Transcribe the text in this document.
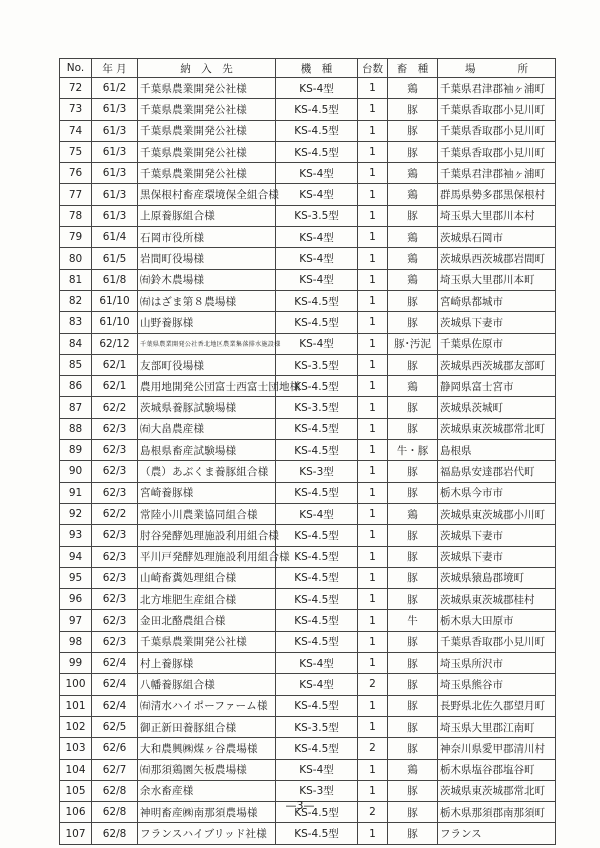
No.	年 月	納　入　先	機　種	台数	畜　種	場　　　　所
72	61/2	千葉県農業開発公社様	KS-4型	1	鶏	千葉県君津郡袖ヶ浦町
73	61/3	千葉県農業開発公社様	KS-4.5型	1	豚	千葉県香取郡小見川町
74	61/3	千葉県農業開発公社様	KS-4.5型	1	豚	千葉県香取郡小見川町
75	61/3	千葉県農業開発公社様	KS-4.5型	1	豚	千葉県香取郡小見川町
76	61/3	千葉県農業開発公社様	KS-4型	1	鶏	千葉県君津郡袖ヶ浦町
77	61/3	黒保根村畜産環境保全組合様	KS-4型	1	鶏	群馬県勢多郡黒保根村
78	61/3	上原養豚組合様	KS-3.5型	1	豚	埼玉県大里郡川本村
79	61/4	石岡市役所様	KS-4型	1	鶏	茨城県石岡市
80	61/5	岩間町役場様	KS-4型	1	鶏	茨城県西茨城郡岩間町
81	61/8	㈲鈴木農場様	KS-4型	1	鶏	埼玉県大里郡川本町
82	61/10	㈲はざま第８農場様	KS-4.5型	1	豚	宮崎県都城市
83	61/10	山野養豚様	KS-4.5型	1	豚	茨城県下妻市
84	62/12	千葉県農業開発公社香北地区農業集落排水施設様	KS-4型	1	豚･汚泥	千葉県佐原市
85	62/1	友部町役場様	KS-3.5型	1	豚	茨城県西茨城郡友部町
86	62/1	農用地開発公団富士西富士団地様	KS-4.5型	1	鶏	静岡県富士宮市
87	62/2	茨城県養豚試験場様	KS-3.5型	1	豚	茨城県茨城町
88	62/3	㈲大畠農産様	KS-4.5型	1	豚	茨城県東茨城郡常北町
89	62/3	島根県畜産試験場様	KS-4.5型	1	牛・豚	島根県
90	62/3	（農）あぶくま養豚組合様	KS-3型	1	豚	福島県安達郡岩代町
91	62/3	宮崎養豚様	KS-4.5型	1	豚	栃木県今市市
92	62/2	常陸小川農業協同組合様	KS-4型	1	鶏	茨城県東茨城郡小川町
93	62/3	肘谷発酵処理施設利用組合様	KS-4.5型	1	豚	茨城県下妻市
94	62/3	平川戸発酵処理施設利用組合様	KS-4.5型	1	豚	茨城県下妻市
95	62/3	山崎畜糞処理組合様	KS-4.5型	1	豚	茨城県猿島郡境町
96	62/3	北方堆肥生産組合様	KS-4.5型	1	豚	茨城県東茨城郡桂村
97	62/3	金田北酪農組合様	KS-4.5型	1	牛	栃木県大田原市
98	62/3	千葉県農業開発公社様	KS-4.5型	1	豚	千葉県香取郡小見川町
99	62/4	村上養豚様	KS-4型	1	豚	埼玉県所沢市
100	62/4	八幡養豚組合様	KS-4型	2	豚	埼玉県熊谷市
101	62/4	㈲清水ハイポーファーム様	KS-4.5型	1	豚	長野県北佐久郡望月町
102	62/5	御正新田養豚組合様	KS-3.5型	1	豚	埼玉県大里郡江南町
103	62/6	大和農興㈱煤ヶ谷農場様	KS-4.5型	2	豚	神奈川県愛甲郡清川村
104	62/7	㈲那須鶏園矢板農場様	KS-4型	1	鶏	栃木県塩谷郡塩谷町
105	62/8	余水畜産様	KS-3型	1	豚	茨城県東茨城郡常北町
106	62/8	神明畜産㈱南那須農場様	KS-4.5型	2	豚	栃木県那須郡南那須町
107	62/8	フランスハイブリッド社様	KS-4.5型	1	豚	フランス
—3—
